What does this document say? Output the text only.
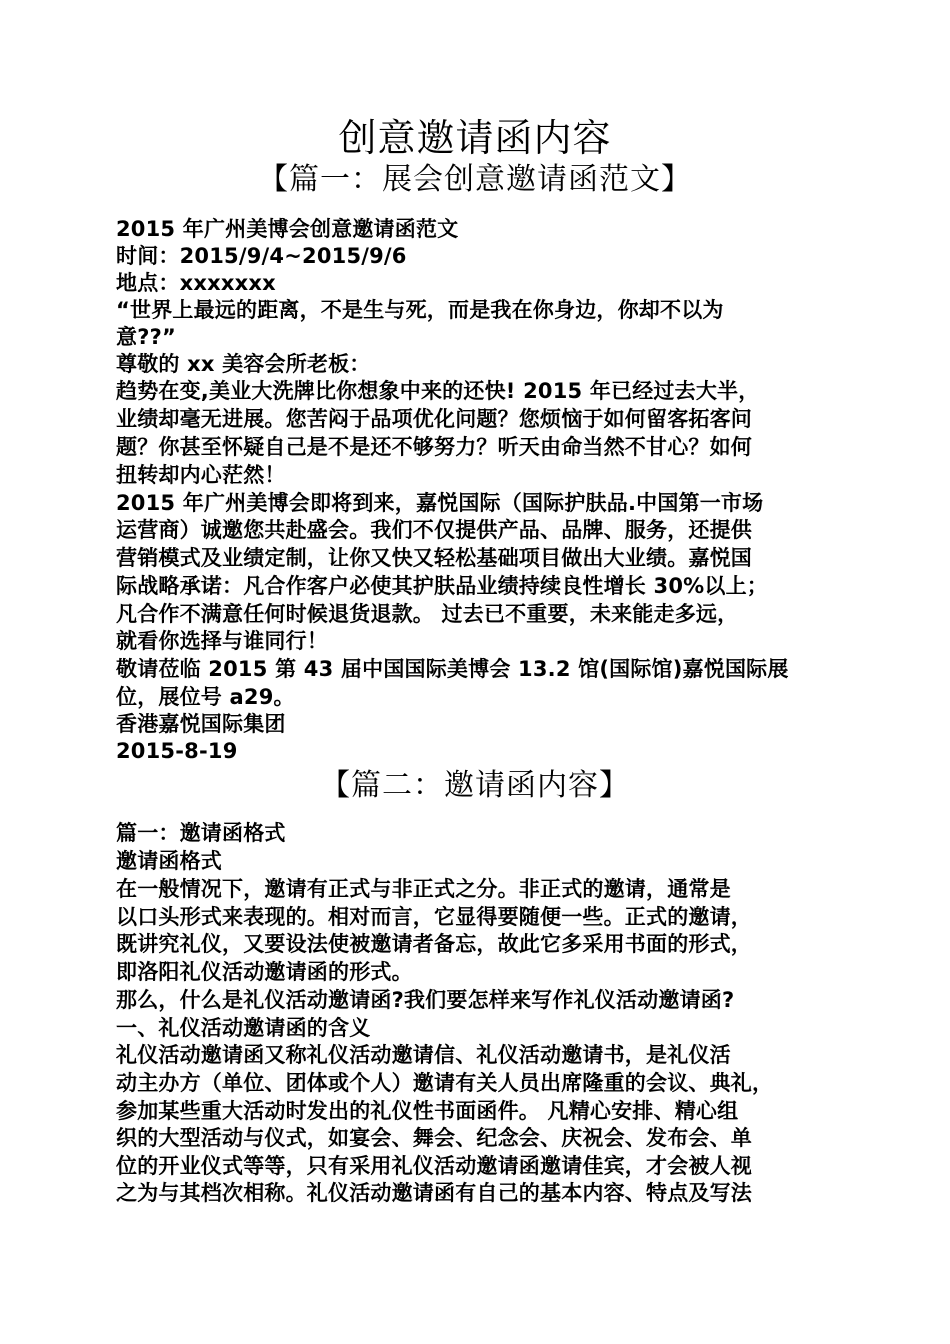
创意邀请函内容
【篇一：展会创意邀请函范文】
2015 年广州美博会创意邀请函范文
时间：2015/9/4~2015/9/6
地点：xxxxxxx
“世界上最远的距离，不是生与死，而是我在你身边，你却不以为
意??”
尊敬的 xx 美容会所老板：
趋势在变,美业大洗牌比你想象中来的还快! 2015 年已经过去大半，
业绩却毫无进展。您苦闷于品项优化问题？您烦恼于如何留客拓客问
题？你甚至怀疑自己是不是还不够努力？听天由命当然不甘心？如何
扭转却内心茫然！
2015 年广州美博会即将到来，嘉悦国际（国际护肤品.中国第一市场
运营商）诚邀您共赴盛会。我们不仅提供产品、品牌、服务，还提供
营销模式及业绩定制，让你又快又轻松基础项目做出大业绩。嘉悦国
际战略承诺：凡合作客户必使其护肤品业绩持续良性增长 30%以上；
凡合作不满意任何时候退货退款。 过去已不重要，未来能走多远，
就看你选择与谁同行！
敬请莅临 2015 第 43 届中国国际美博会 13.2 馆(国际馆)嘉悦国际展
位，展位号 a29。
香港嘉悦国际集团
2015-8-19
【篇二：邀请函内容】
篇一：邀请函格式
邀请函格式
在一般情况下，邀请有正式与非正式之分。非正式的邀请，通常是
以口头形式来表现的。相对而言，它显得要随便一些。正式的邀请，
既讲究礼仪，又要设法使被邀请者备忘，故此它多采用书面的形式，
即洛阳礼仪活动邀请函的形式。
那么，什么是礼仪活动邀请函?我们要怎样来写作礼仪活动邀请函?
一、礼仪活动邀请函的含义
礼仪活动邀请函又称礼仪活动邀请信、礼仪活动邀请书，是礼仪活
动主办方（单位、团体或个人）邀请有关人员出席隆重的会议、典礼，
参加某些重大活动时发出的礼仪性书面函件。 凡精心安排、精心组
织的大型活动与仪式，如宴会、舞会、纪念会、庆祝会、发布会、单
位的开业仪式等等，只有采用礼仪活动邀请函邀请佳宾，才会被人视
之为与其档次相称。礼仪活动邀请函有自己的基本内容、特点及写法
